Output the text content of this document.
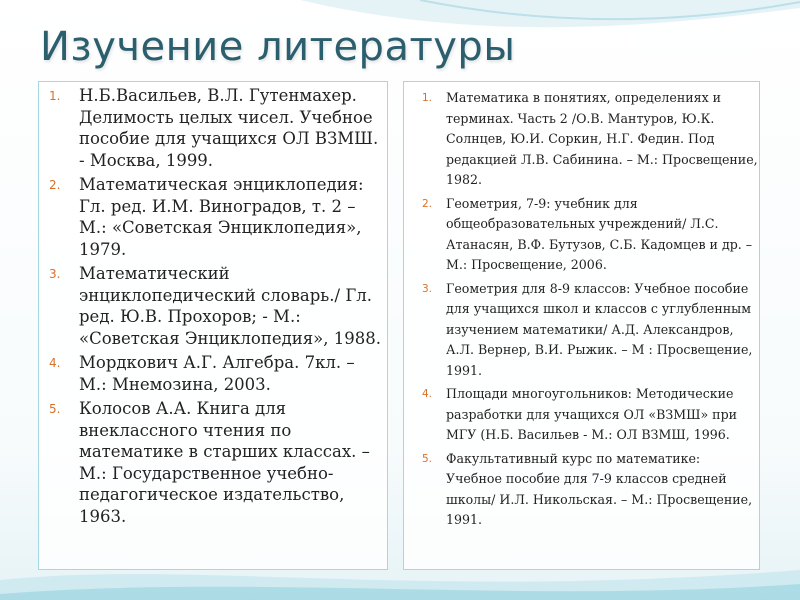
Изучение литературы
1. Н.Б.Васильев, В.Л. Гутенмахер. Делимость целых чисел. Учебное пособие для учащихся ОЛ ВЗМШ. - Москва, 1999.
2. Математическая энциклопедия: Гл. ред. И.М. Виноградов, т. 2 – М.: «Советская Энциклопедия», 1979.
3. Математический энциклопедический словарь./ Гл. ред. Ю.В. Прохоров; - М.: «Советская Энциклопедия», 1988.
4. Мордкович А.Г. Алгебра. 7кл. – М.: Мнемозина, 2003.
5. Колосов А.А. Книга для внеклассного чтения по математике в старших классах. – М.: Государственное учебно-педагогическое издательство, 1963.
1. Математика в понятиях, определениях и терминах. Часть 2 /О.В. Мантуров, Ю.К. Солнцев, Ю.И. Соркин, Н.Г. Федин. Под редакцией Л.В. Сабинина. – М.: Просвещение, 1982.
2. Геометрия, 7-9: учебник для общеобразовательных учреждений/ Л.С. Атанасян, В.Ф. Бутузов, С.Б. Кадомцев и др. – М.: Просвещение, 2006.
3. Геометрия для 8-9 классов: Учебное пособие для учащихся школ и классов с углубленным изучением математики/ А.Д. Александров, А.Л. Вернер, В.И. Рыжик. – М : Просвещение, 1991.
4. Площади многоугольников: Методические разработки для учащихся ОЛ «ВЗМШ» при МГУ (Н.Б. Васильев - М.: ОЛ ВЗМШ, 1996.
5. Факультативный курс по математике: Учебное пособие для 7-9 классов средней школы/ И.Л. Никольская. – М.: Просвещение, 1991.
